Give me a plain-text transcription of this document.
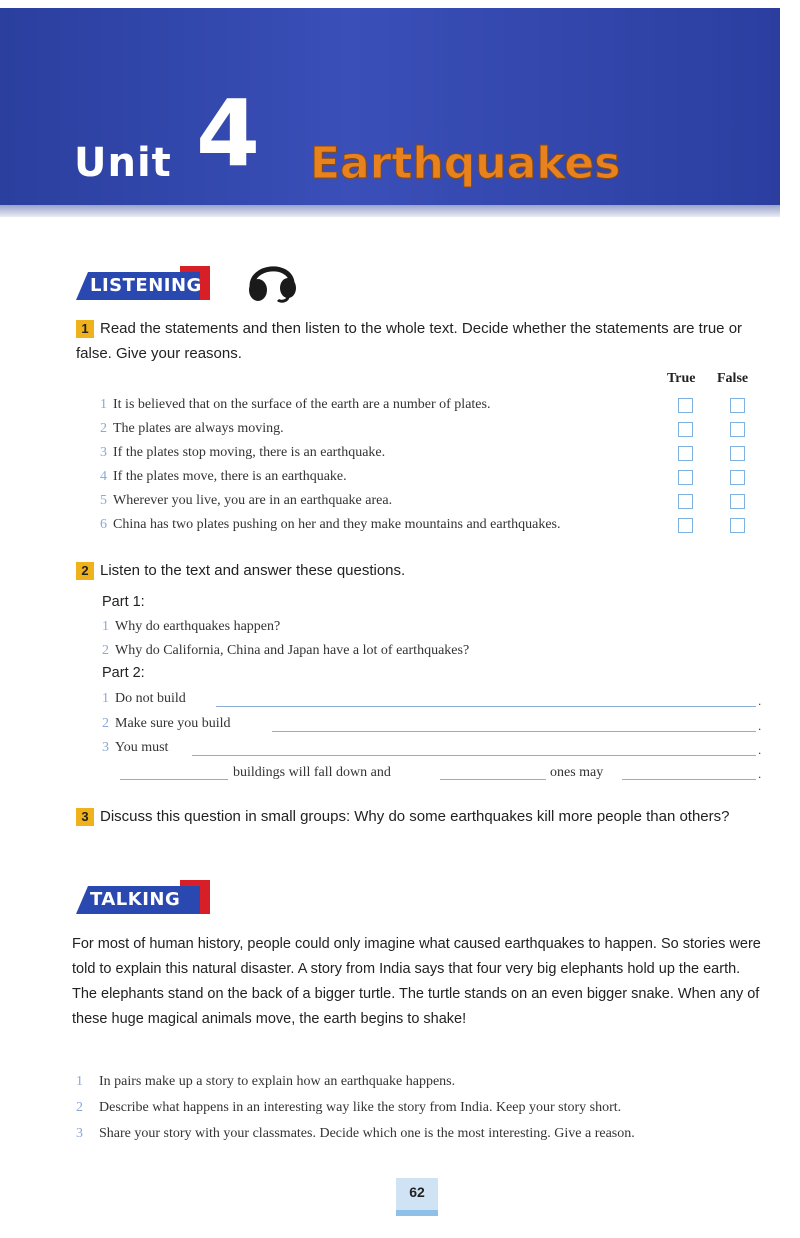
Unit 4 Earthquakes
LISTENING
1 Read the statements and then listen to the whole text. Decide whether the statements are true or false. Give your reasons.
True False
1 It is believed that on the surface of the earth are a number of plates.
2 The plates are always moving.
3 If the plates stop moving, there is an earthquake.
4 If the plates move, there is an earthquake.
5 Wherever you live, you are in an earthquake area.
6 China has two plates pushing on her and they make mountains and earthquakes.
2 Listen to the text and answer these questions.
Part 1:
1 Why do earthquakes happen?
2 Why do California, China and Japan have a lot of earthquakes?
Part 2:
1 Do not build	.
2 Make sure you build	.
3 You must	.
buildings will fall down and	ones may	.
3 Discuss this question in small groups: Why do some earthquakes kill more people than others?
TALKING
For most of human history, people could only imagine what caused earthquakes to happen. So stories were told to explain this natural disaster. A story from India says that four very big elephants hold up the earth. The elephants stand on the back of a bigger turtle. The turtle stands on an even bigger snake. When any of these huge magical animals move, the earth begins to shake!
1 In pairs make up a story to explain how an earthquake happens.
2 Describe what happens in an interesting way like the story from India. Keep your story short.
3 Share your story with your classmates. Decide which one is the most interesting. Give a reason.
62
